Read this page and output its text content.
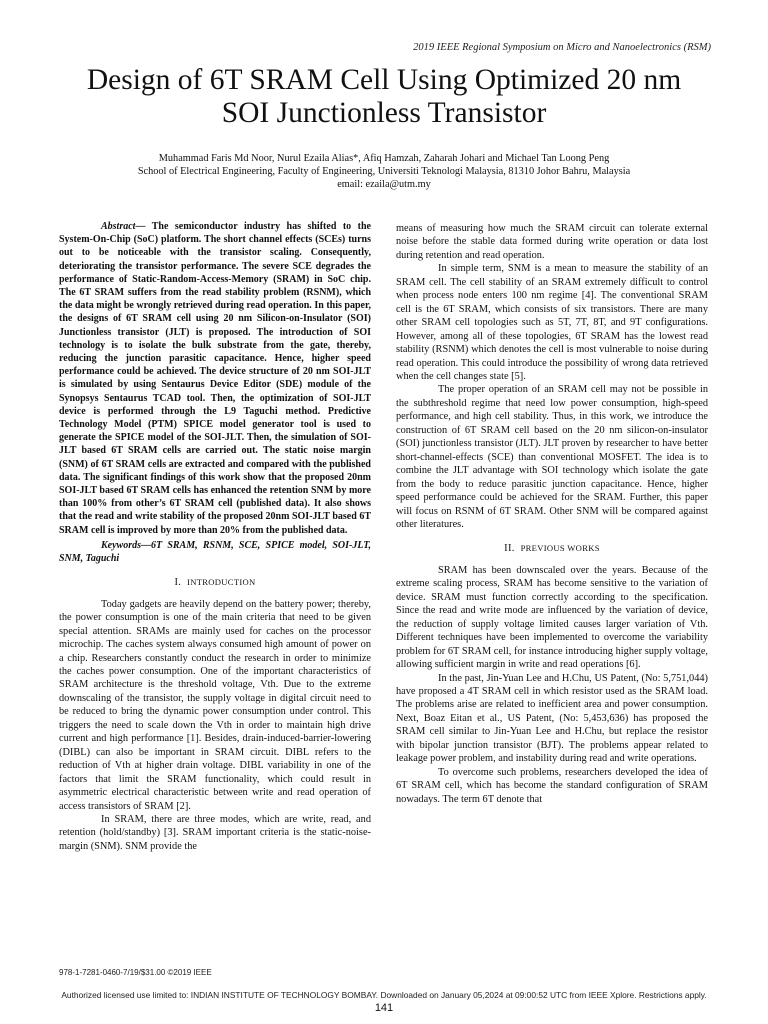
2019 IEEE Regional Symposium on Micro and Nanoelectronics (RSM)
Design of 6T SRAM Cell Using Optimized 20 nm
SOI Junctionless Transistor
Muhammad Faris Md Noor, Nurul Ezaila Alias*, Afiq Hamzah, Zaharah Johari and Michael Tan Loong Peng
School of Electrical Engineering, Faculty of Engineering, Universiti Teknologi Malaysia, 81310 Johor Bahru, Malaysia
email: ezaila@utm.my

Abstract— The semiconductor industry has shifted to the System-On-Chip (SoC) platform. The short channel effects (SCEs) turns out to be noticeable with the transistor scaling. Consequently, deteriorating the transistor performance. The severe SCE degrades the performance of Static-Random-Access-Memory (SRAM) in SoC chip. The 6T SRAM suffers from the read stability problem (RSNM), which the data might be wrongly retrieved during read operation. In this paper, the designs of 6T SRAM cell using 20 nm Silicon-on-Insulator (SOI) Junctionless transistor (JLT) is proposed. The introduction of SOI technology is to isolate the bulk substrate from the gate, thereby, reducing the junction parasitic capacitance. Hence, higher speed performance could be achieved. The device structure of 20 nm SOI-JLT is simulated by using Sentaurus Device Editor (SDE) module of the Synopsys Sentaurus TCAD tool. Then, the optimization of SOI-JLT device is performed through the L9 Taguchi method. Predictive Technology Model (PTM) SPICE model generator tool is used to generate the SPICE model of the SOI-JLT. Then, the simulation of SOI-JLT based 6T SRAM cells are carried out. The static noise margin (SNM) of 6T SRAM cells are extracted and compared with the published data. The significant findings of this work show that the proposed 20nm SOI-JLT based 6T SRAM cells has enhanced the retention SNM by more than 100% from other’s 6T SRAM cell (published data). It also shows that the read and write stability of the proposed 20nm SOI-JLT based 6T SRAM cell is improved by more than 20% from the published data.

Keywords—6T SRAM, RSNM, SCE, SPICE model, SOI-JLT, SNM, Taguchi

I. INTRODUCTION

Today gadgets are heavily depend on the battery power; thereby, the power consumption is one of the main criteria that need to be given special attention. SRAMs are mainly used for caches on the processor microchip. The caches system always consumed high amount of power on a chip. Researchers constantly conduct the research in order to minimize the caches power consumption. One of the important characteristics of SRAM architecture is the threshold voltage, Vth. Due to the extreme downscaling of the transistor, the supply voltage in digital circuit need to be reduced to bring the dynamic power consumption under control. This triggers the need to scale down the Vth in order to maintain high drive current and high performance [1]. Besides, drain-induced-barrier-lowering (DIBL) can also be important in SRAM circuit. DIBL refers to the reduction of Vth at higher drain voltage. DIBL variability in one of the factors that limit the SRAM functionality, which could result in asymmetric electrical characteristic between write and read operation of access transistors of SRAM [2].

In SRAM, there are three modes, which are write, read, and retention (hold/standby) [3]. SRAM important criteria is the static-noise-margin (SNM). SNM provide the

means of measuring how much the SRAM circuit can tolerate external noise before the stable data formed during write operation or data lost during retention and read operation.

In simple term, SNM is a mean to measure the stability of an SRAM cell. The cell stability of an SRAM extremely difficult to control when process node enters 100 nm regime [4]. The conventional SRAM cell is the 6T SRAM, which consists of six transistors. There are many other SRAM cell topologies such as 5T, 7T, 8T, and 9T configurations. However, among all of these topologies, 6T SRAM has the lowest read stability (RSNM) which denotes the cell is most vulnerable to noise during read operation. This could introduce the possibility of wrong data retrieved when the cell changes state [5].

The proper operation of an SRAM cell may not be possible in the subthreshold regime that need low power consumption, high-speed performance, and high cell stability. Thus, in this work, we introduce the construction of 6T SRAM cell based on the 20 nm silicon-on-insulator (SOI) junctionless transistor (JLT). JLT proven by researcher to have better short-channel-effects (SCE) than conventional MOSFET. The idea is to combine the JLT advantage with SOI technology which isolate the gate from the body to reduce parasitic junction capacitance. Hence, higher speed performance could be achieved for the SRAM. Further, this paper will focus on RSNM of 6T SRAM. Other SNM will be compared against other literatures.

II. PREVIOUS WORKS

SRAM has been downscaled over the years. Because of the extreme scaling process, SRAM has become sensitive to the variation of device. SRAM must function correctly according to the specification. Since the read and write mode are influenced by the variation of device, the reduction of supply voltage limited causes larger variation of Vth. Different techniques have been implemented to overcome the variability problem for 6T SRAM cell, for instance introducing higher supply voltage, allowing sufficient margin in write and read operations [6].

In the past, Jin-Yuan Lee and H.Chu, US Patent, (No: 5,751,044) have proposed a 4T SRAM cell in which resistor used as the SRAM load. The problems arise are related to inefficient area and power consumption. Next, Boaz Eitan et al., US Patent, (No: 5,453,636) has proposed the SRAM cell similar to Jin-Yuan Lee and H.Chu, but replace the resistor with bipolar junction transistor (BJT). The problems appear related to leakage power problem, and instability during read and write operations.

To overcome such problems, researchers developed the idea of 6T SRAM cell, which has become the standard configuration of SRAM nowadays. The term 6T denote that

978-1-7281-0460-7/19/$31.00 ©2019 IEEE
Authorized licensed use limited to: INDIAN INSTITUTE OF TECHNOLOGY BOMBAY. Downloaded on January 05,2024 at 09:00:52 UTC from IEEE Xplore. Restrictions apply.
141
